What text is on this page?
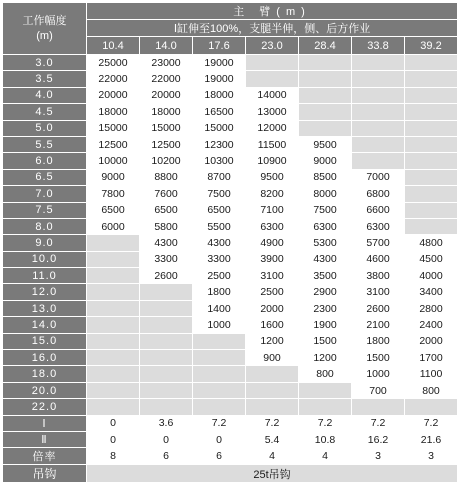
工作幅度
(m)	主 臂(m)						
	Ⅰ缸伸至100%，支腿半伸，侧、后方作业						
	10.4	14.0	17.6	23.0	28.4	33.8	39.2
3.0	25000	23000	19000				
3.5	22000	22000	19000				
4.0	20000	20000	18000	14000			
4.5	18000	18000	16500	13000			
5.0	15000	15000	15000	12000			
5.5	12500	12500	12300	11500	9500		
6.0	10000	10200	10300	10900	9000		
6.5	9000	8800	8700	9500	8500	7000	
7.0	7800	7600	7500	8200	8000	6800	
7.5	6500	6500	6500	7100	7500	6600	
8.0	6000	5800	5500	6300	6300	6300	
9.0		4300	4300	4900	5300	5700	4800
10.0		3300	3300	3900	4300	4600	4500
11.0		2600	2500	3100	3500	3800	4000
12.0			1800	2500	2900	3100	3400
13.0			1400	2000	2300	2600	2800
14.0			1000	1600	1900	2100	2400
15.0				1200	1500	1800	2000
16.0				900	1200	1500	1700
18.0					800	1000	1100
20.0						700	800
22.0							
Ⅰ	0	3.6	7.2	7.2	7.2	7.2	7.2
Ⅱ	0	0	0	5.4	10.8	16.2	21.6
倍率	8	6	6	4	4	3	3
吊钩	25t吊钩						
